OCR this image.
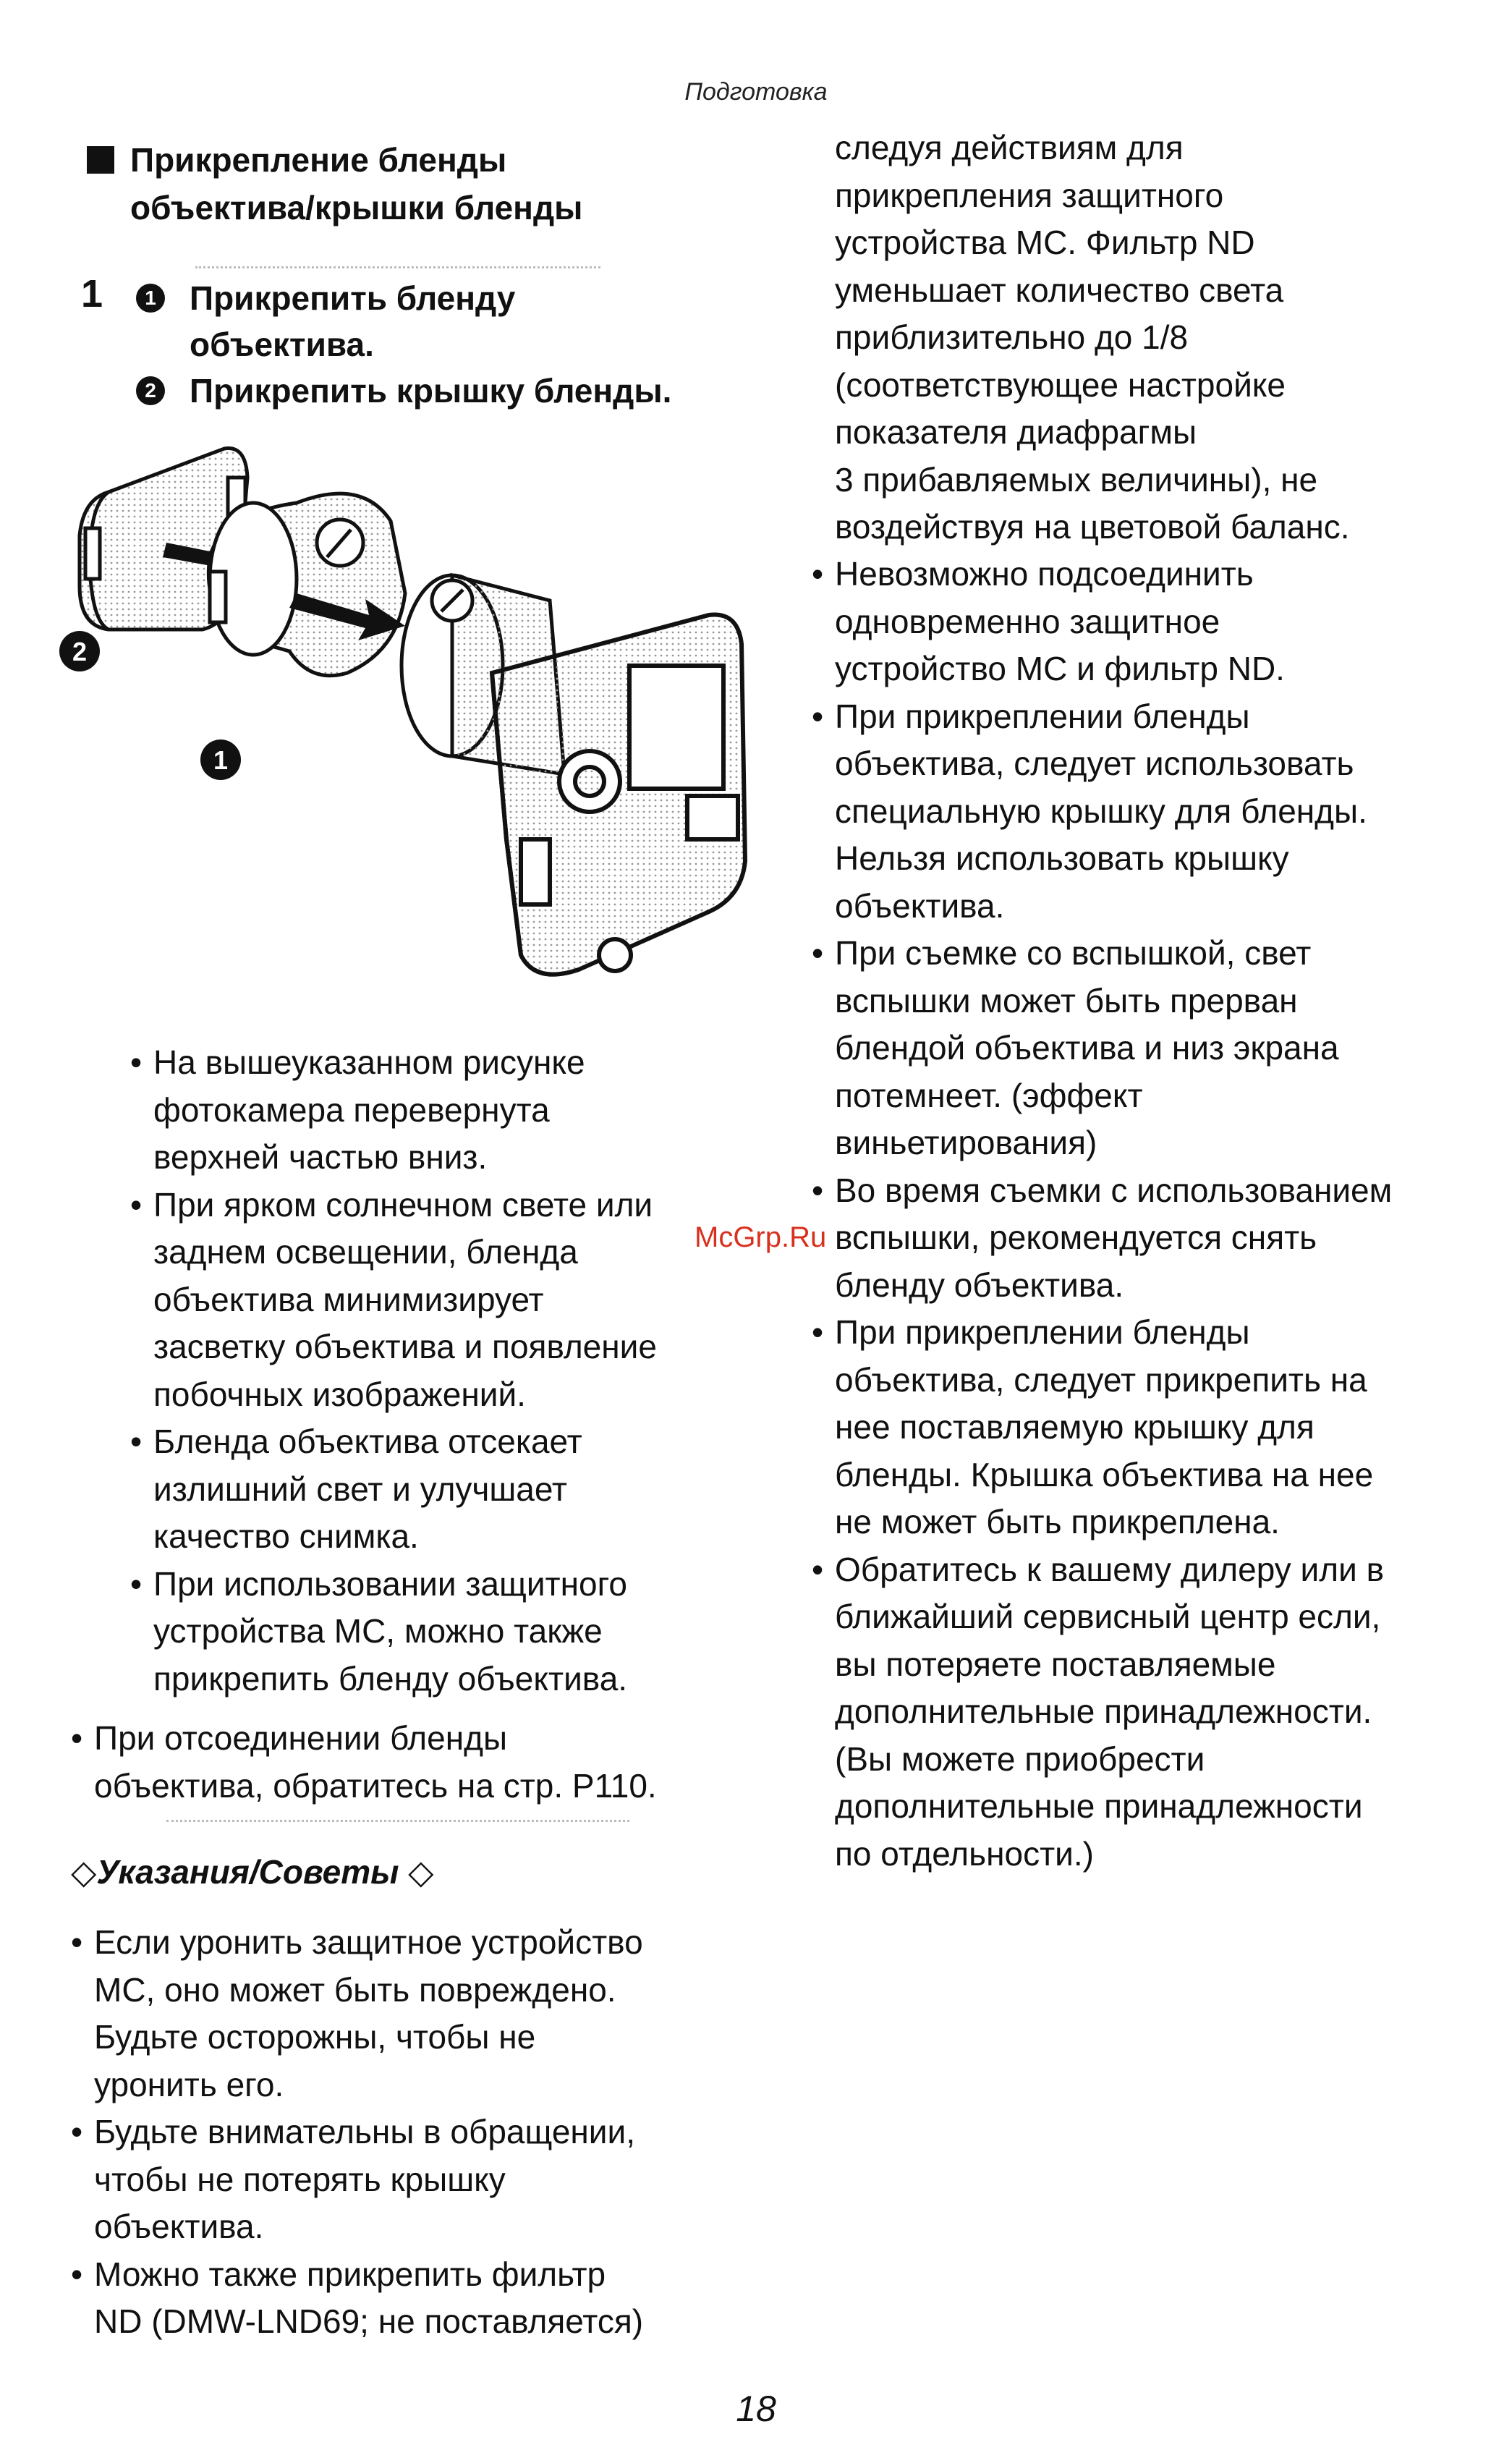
Подготовка
Прикрепление бленды
объектива/крышки бленды
1	1 Прикрепить бленду
объектива.
2 Прикрепить крышку бленды.
2
1
• На вышеуказанном рисунке
фотокамера перевернута
верхней частью вниз.
• При ярком солнечном свете или
заднем освещении, бленда
объектива минимизирует
засветку объектива и появление
побочных изображений.
• Бленда объектива отсекает
излишний свет и улучшает
качество снимка.
• При использовании защитного
устройства MC, можно также
прикрепить бленду объектива.
• При отсоединении бленды
объектива, обратитесь на стр. P110.
◇Указания/Советы ◇
• Если уронить защитное устройство
MC, оно может быть повреждено.
Будьте осторожны, чтобы не
уронить его.
• Будьте внимательны в обращении,
чтобы не потерять крышку
объектива.
• Можно также прикрепить фильтр
ND (DMW-LND69; не поставляется)
следуя действиям для
прикрепления защитного
устройства MC. Фильтр ND
уменьшает количество света
приблизительно до 1/8
(соответствующее настройке
показателя диафрагмы
3 прибавляемых величины), не
воздействуя на цветовой баланс.
• Невозможно подсоединить
одновременно защитное
устройство MC и фильтр ND.
• При прикреплении бленды
объектива, следует использовать
специальную крышку для бленды.
Нельзя использовать крышку
объектива.
• При съемке со вспышкой, свет
вспышки может быть прерван
блендой объектива и низ экрана
потемнеет. (эффект
виньетирования)
• Во время съемки с использованием
вспышки, рекомендуется снять
бленду объектива.
• При прикреплении бленды
объектива, следует прикрепить на
нее поставляемую крышку для
бленды. Крышка объектива на нее
не может быть прикреплена.
• Обратитесь к вашему дилеру или в
ближайший сервисный центр если,
вы потеряете поставляемые
дополнительные принадлежности.
(Вы можете приобрести
дополнительные принадлежности
по отдельности.)
McGrp.Ru
18
